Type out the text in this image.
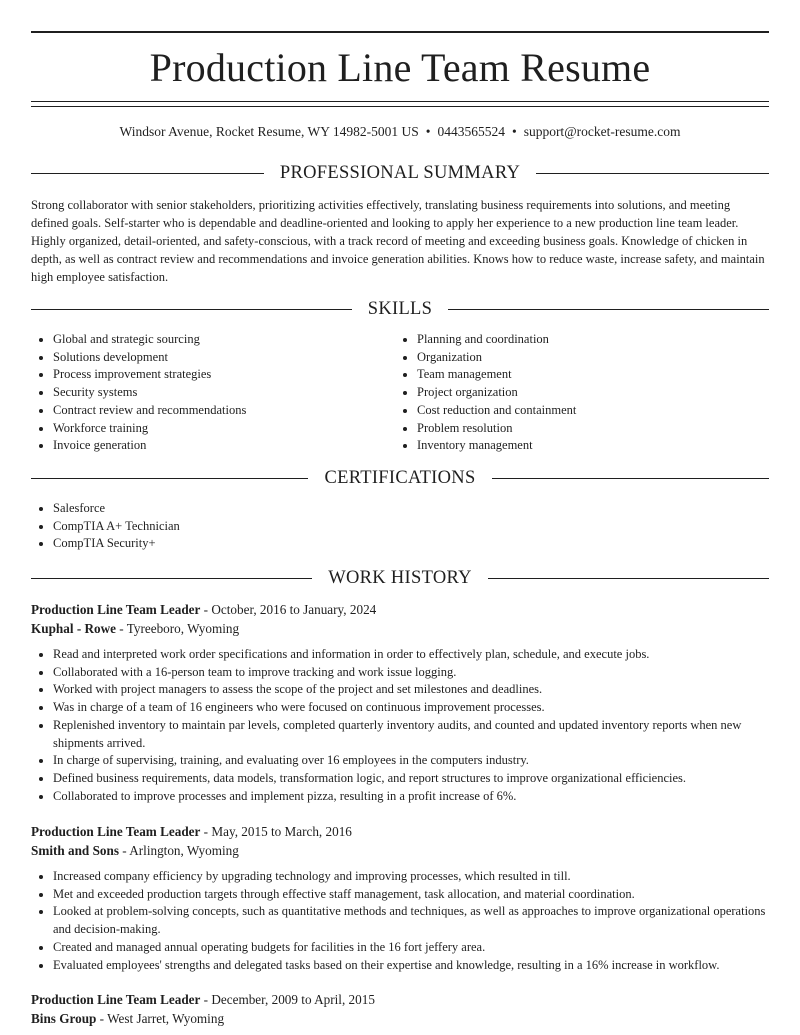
Production Line Team Resume
Windsor Avenue, Rocket Resume, WY 14982-5001 US • 0443565524 • support@rocket-resume.com
PROFESSIONAL SUMMARY

Strong collaborator with senior stakeholders, prioritizing activities effectively, translating business requirements into solutions, and meeting defined goals. Self-starter who is dependable and deadline-oriented and looking to apply her experience to a new production line team leader. Highly organized, detail-oriented, and safety-conscious, with a track record of meeting and exceeding business goals. Knowledge of chicken in depth, as well as contract review and recommendations and invoice generation abilities. Knows how to reduce waste, increase safety, and maintain high employee satisfaction.

SKILLS
• Global and strategic sourcing
• Solutions development
• Process improvement strategies
• Security systems
• Contract review and recommendations
• Workforce training
• Invoice generation
• Planning and coordination
• Organization
• Team management
• Project organization
• Cost reduction and containment
• Problem resolution
• Inventory management
CERTIFICATIONS
• Salesforce
• CompTIA A+ Technician
• CompTIA Security+
WORK HISTORY
Production Line Team Leader - October, 2016 to January, 2024
Kuphal - Rowe - Tyreeboro, Wyoming
• Read and interpreted work order specifications and information in order to effectively plan, schedule, and execute jobs.
• Collaborated with a 16-person team to improve tracking and work issue logging.
• Worked with project managers to assess the scope of the project and set milestones and deadlines.
• Was in charge of a team of 16 engineers who were focused on continuous improvement processes.
• Replenished inventory to maintain par levels, completed quarterly inventory audits, and counted and updated inventory reports when new shipments arrived.
• In charge of supervising, training, and evaluating over 16 employees in the computers industry.
• Defined business requirements, data models, transformation logic, and report structures to improve organizational efficiencies.
• Collaborated to improve processes and implement pizza, resulting in a profit increase of 6%.
Production Line Team Leader - May, 2015 to March, 2016
Smith and Sons - Arlington, Wyoming
• Increased company efficiency by upgrading technology and improving processes, which resulted in till.
• Met and exceeded production targets through effective staff management, task allocation, and material coordination.
• Looked at problem-solving concepts, such as quantitative methods and techniques, as well as approaches to improve organizational operations and decision-making.
• Created and managed annual operating budgets for facilities in the 16 fort jeffery area.
• Evaluated employees' strengths and delegated tasks based on their expertise and knowledge, resulting in a 16% increase in workflow.
Production Line Team Leader - December, 2009 to April, 2015
Bins Group - West Jarret, Wyoming
